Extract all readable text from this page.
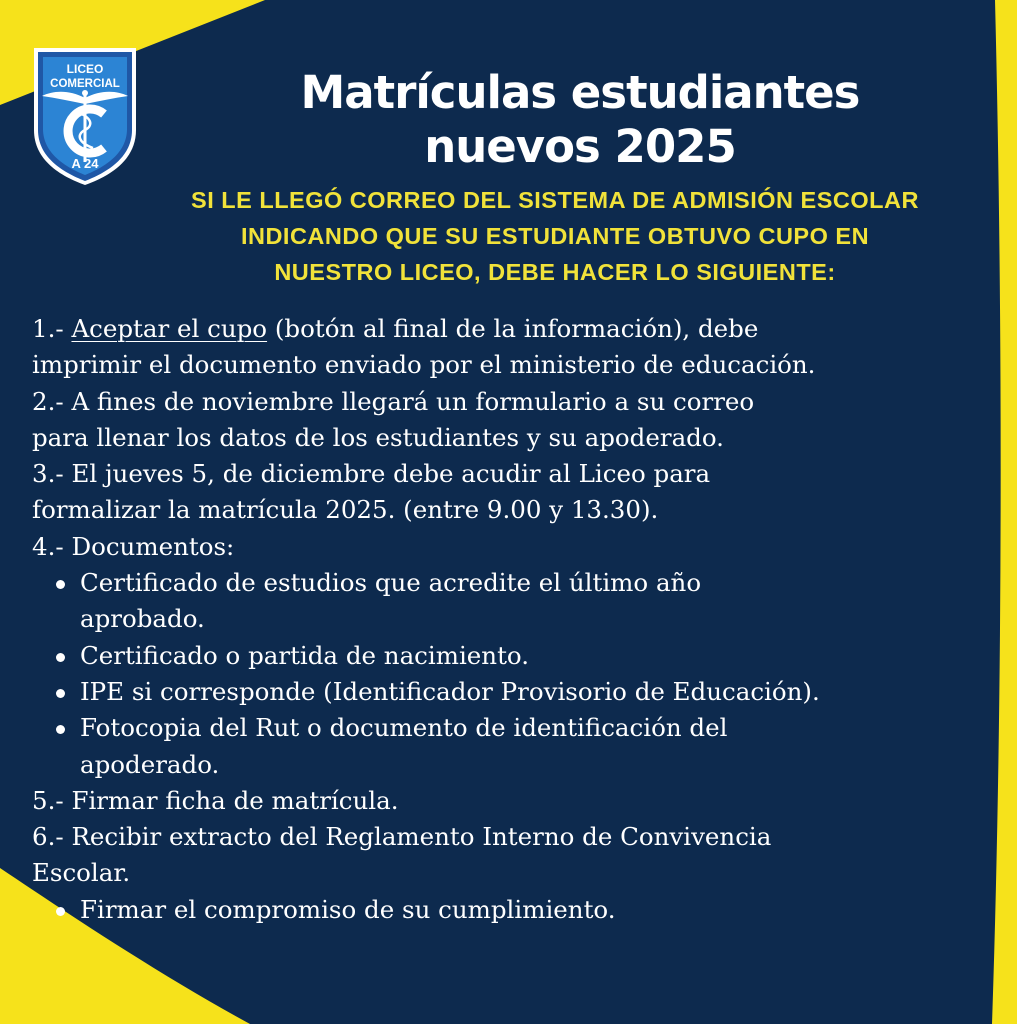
LICEO
COMERCIAL
A 24
Matrículas estudiantes
nuevos 2025
SI LE LLEGÓ CORREO DEL SISTEMA DE ADMISIÓN ESCOLAR
INDICANDO QUE SU ESTUDIANTE OBTUVO CUPO EN
NUESTRO LICEO, DEBE HACER LO SIGUIENTE:
1.- Aceptar el cupo (botón al final de la información), debe
imprimir el documento enviado por el ministerio de educación.
2.- A fines de noviembre llegará un formulario a su correo
para llenar los datos de los estudiantes y su apoderado.
3.- El jueves 5, de diciembre debe acudir al Liceo para
formalizar la matrícula 2025. (entre 9.00 y 13.30).
4.- Documentos:
Certificado de estudios que acredite el último año
aprobado.
Certificado o partida de nacimiento.
IPE si corresponde (Identificador Provisorio de Educación).
Fotocopia del Rut o documento de identificación del
apoderado.
5.- Firmar ficha de matrícula.
6.- Recibir extracto del Reglamento Interno de Convivencia
Escolar.
Firmar el compromiso de su cumplimiento.
